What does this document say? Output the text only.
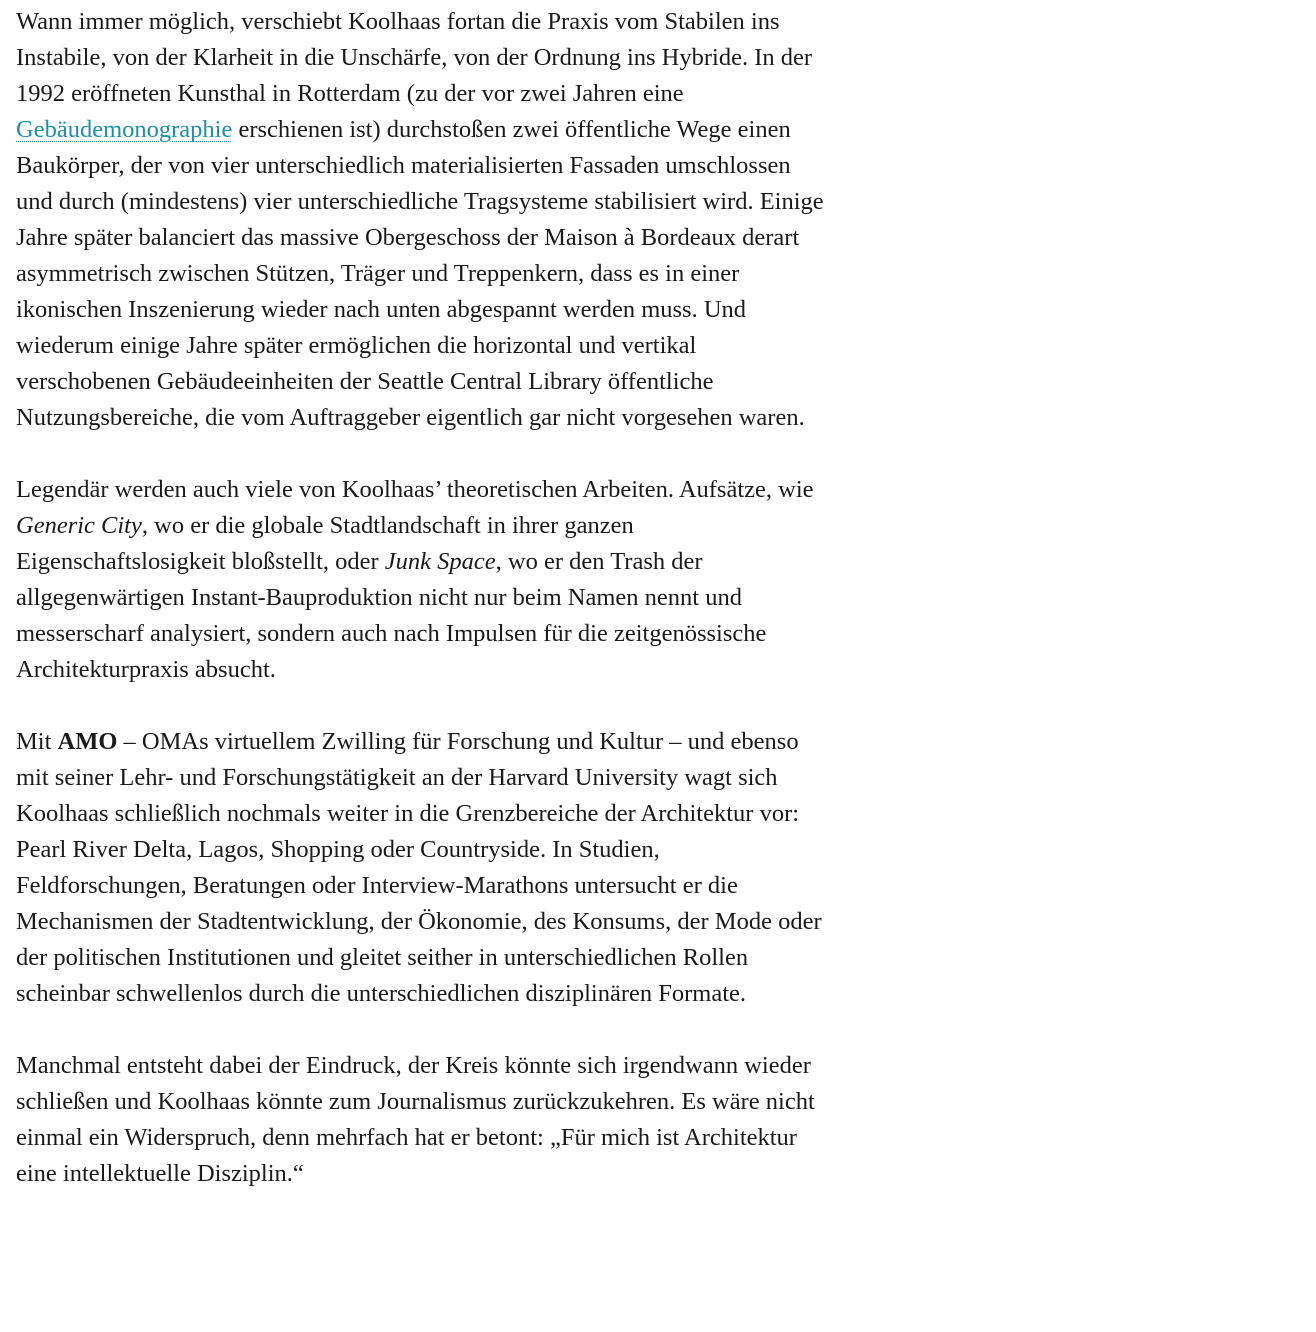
Wann immer möglich, verschiebt Koolhaas fortan die Praxis vom Stabilen ins Instabile, von der Klarheit in die Unschärfe, von der Ordnung ins Hybride. In der 1992 eröffneten Kunsthal in Rotterdam (zu der vor zwei Jahren eine Gebäudemonographie erschienen ist) durchstoßen zwei öffentliche Wege einen Baukörper, der von vier unterschiedlich materialisierten Fassaden umschlossen und durch (mindestens) vier unterschiedliche Tragsysteme stabilisiert wird. Einige Jahre später balanciert das massive Obergeschoss der Maison à Bordeaux derart asymmetrisch zwischen Stützen, Träger und Treppenkern, dass es in einer ikonischen Inszenierung wieder nach unten abgespannt werden muss. Und wiederum einige Jahre später ermöglichen die horizontal und vertikal verschobenen Gebäudeeinheiten der Seattle Central Library öffentliche Nutzungsbereiche, die vom Auftraggeber eigentlich gar nicht vorgesehen waren.

Legendär werden auch viele von Koolhaas’ theoretischen Arbeiten. Aufsätze, wie Generic City, wo er die globale Stadtlandschaft in ihrer ganzen Eigenschaftslosigkeit bloßstellt, oder Junk Space, wo er den Trash der allgegenwärtigen Instant-Bauproduktion nicht nur beim Namen nennt und messerscharf analysiert, sondern auch nach Impulsen für die zeitgenössische Architekturpraxis absucht.

Mit AMO – OMAs virtuellem Zwilling für Forschung und Kultur – und ebenso mit seiner Lehr- und Forschungstätigkeit an der Harvard University wagt sich Koolhaas schließlich nochmals weiter in die Grenzbereiche der Architektur vor: Pearl River Delta, Lagos, Shopping oder Countryside. In Studien, Feldforschungen, Beratungen oder Interview-Marathons untersucht er die Mechanismen der Stadtentwicklung, der Ökonomie, des Konsums, der Mode oder der politischen Institutionen und gleitet seither in unterschiedlichen Rollen scheinbar schwellenlos durch die unterschiedlichen disziplinären Formate.

Manchmal entsteht dabei der Eindruck, der Kreis könnte sich irgendwann wieder schließen und Koolhaas könnte zum Journalismus zurückzukehren. Es wäre nicht einmal ein Widerspruch, denn mehrfach hat er betont: „Für mich ist Architektur eine intellektuelle Disziplin.“
